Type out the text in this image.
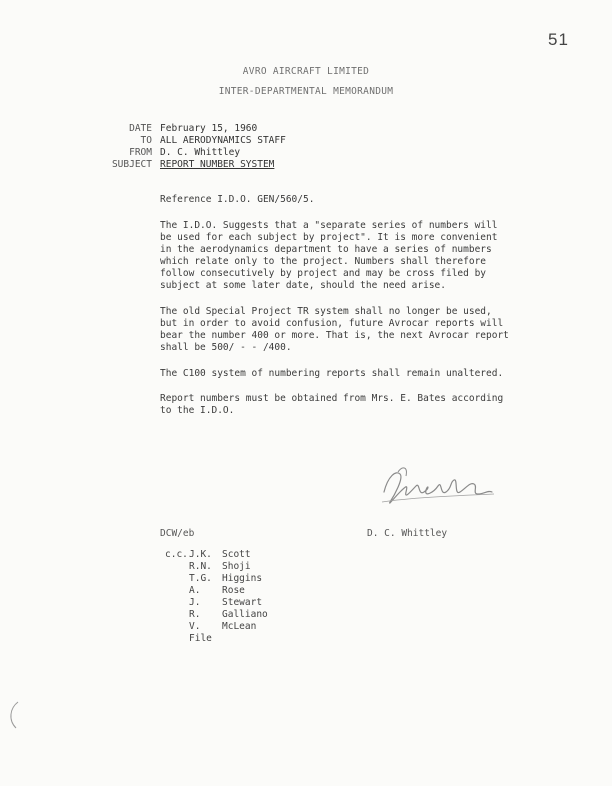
51
AVRO AIRCRAFT LIMITED
INTER-DEPARTMENTAL MEMORANDUM
DATE February 15, 1960
TO ALL AERODYNAMICS STAFF
FROM D. C. Whittley
SUBJECT REPORT NUMBER SYSTEM
Reference I.D.O. GEN/560/5.
The I.D.O. Suggests that a "separate series of numbers will
be used for each subject by project". It is more convenient
in the aerodynamics department to have a series of numbers
which relate only to the project. Numbers shall therefore
follow consecutively by project and may be cross filed by
subject at some later date, should the need arise.
The old Special Project TR system shall no longer be used,
but in order to avoid confusion, future Avrocar reports will
bear the number 400 or more. That is, the next Avrocar report
shall be 500/ - - /400.
The C100 system of numbering reports shall remain unaltered.
Report numbers must be obtained from Mrs. E. Bates according
to the I.D.O.
DCW/eb	D. C. Whittley
c.c. J.K. Scott
R.N. Shoji
T.G. Higgins
A. Rose
J. Stewart
R. Galliano
V. McLean
File
